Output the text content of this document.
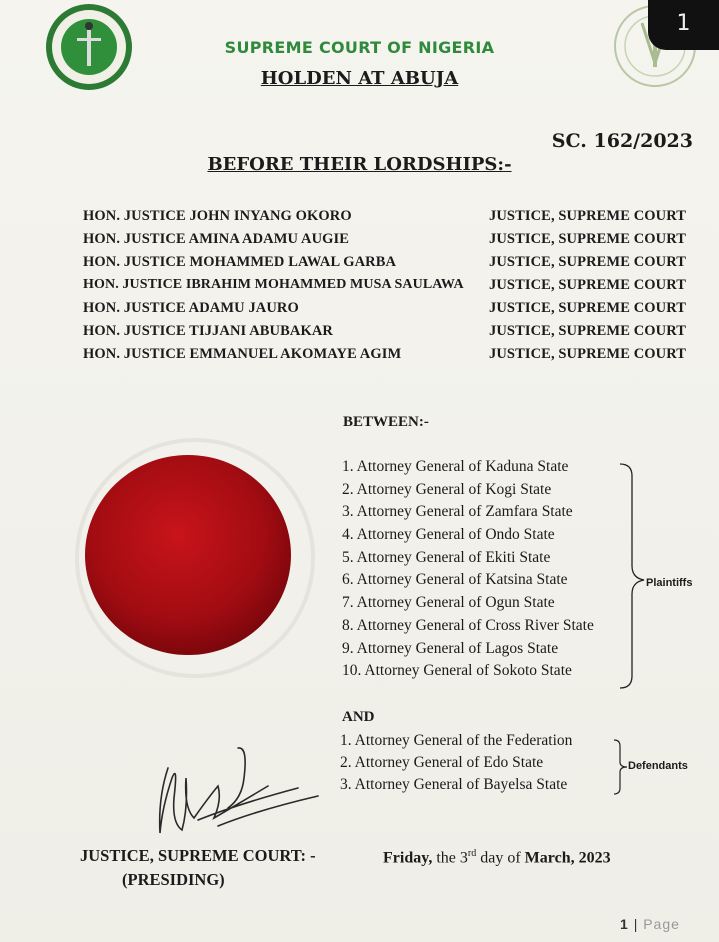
1
SUPREME COURT OF NIGERIA
HOLDEN AT ABUJA
SC. 162/2023
BEFORE THEIR LORDSHIPS:-
HON. JUSTICE JOHN INYANG OKORO	JUSTICE, SUPREME COURT
HON. JUSTICE AMINA ADAMU AUGIE	JUSTICE, SUPREME COURT
HON. JUSTICE MOHAMMED LAWAL GARBA	JUSTICE, SUPREME COURT
HON. JUSTICE IBRAHIM MOHAMMED MUSA SAULAWA JUSTICE, SUPREME COURT
HON. JUSTICE ADAMU JAURO	JUSTICE, SUPREME COURT
HON. JUSTICE TIJJANI ABUBAKAR	JUSTICE, SUPREME COURT
HON. JUSTICE EMMANUEL AKOMAYE AGIM	JUSTICE, SUPREME COURT
BETWEEN:-
1. Attorney General of Kaduna State
2. Attorney General of Kogi State
3. Attorney General of Zamfara State
4. Attorney General of Ondo State
5. Attorney General of Ekiti State
6. Attorney General of Katsina State
7. Attorney General of Ogun State
8. Attorney General of Cross River State
9. Attorney General of Lagos State
10. Attorney General of Sokoto State
Plaintiffs
AND
1. Attorney General of the Federation
2. Attorney General of Edo State
3. Attorney General of Bayelsa State
Defendants
JUSTICE, SUPREME COURT: -
(PRESIDING)
Friday, the 3rd day of March, 2023
1 | Page
